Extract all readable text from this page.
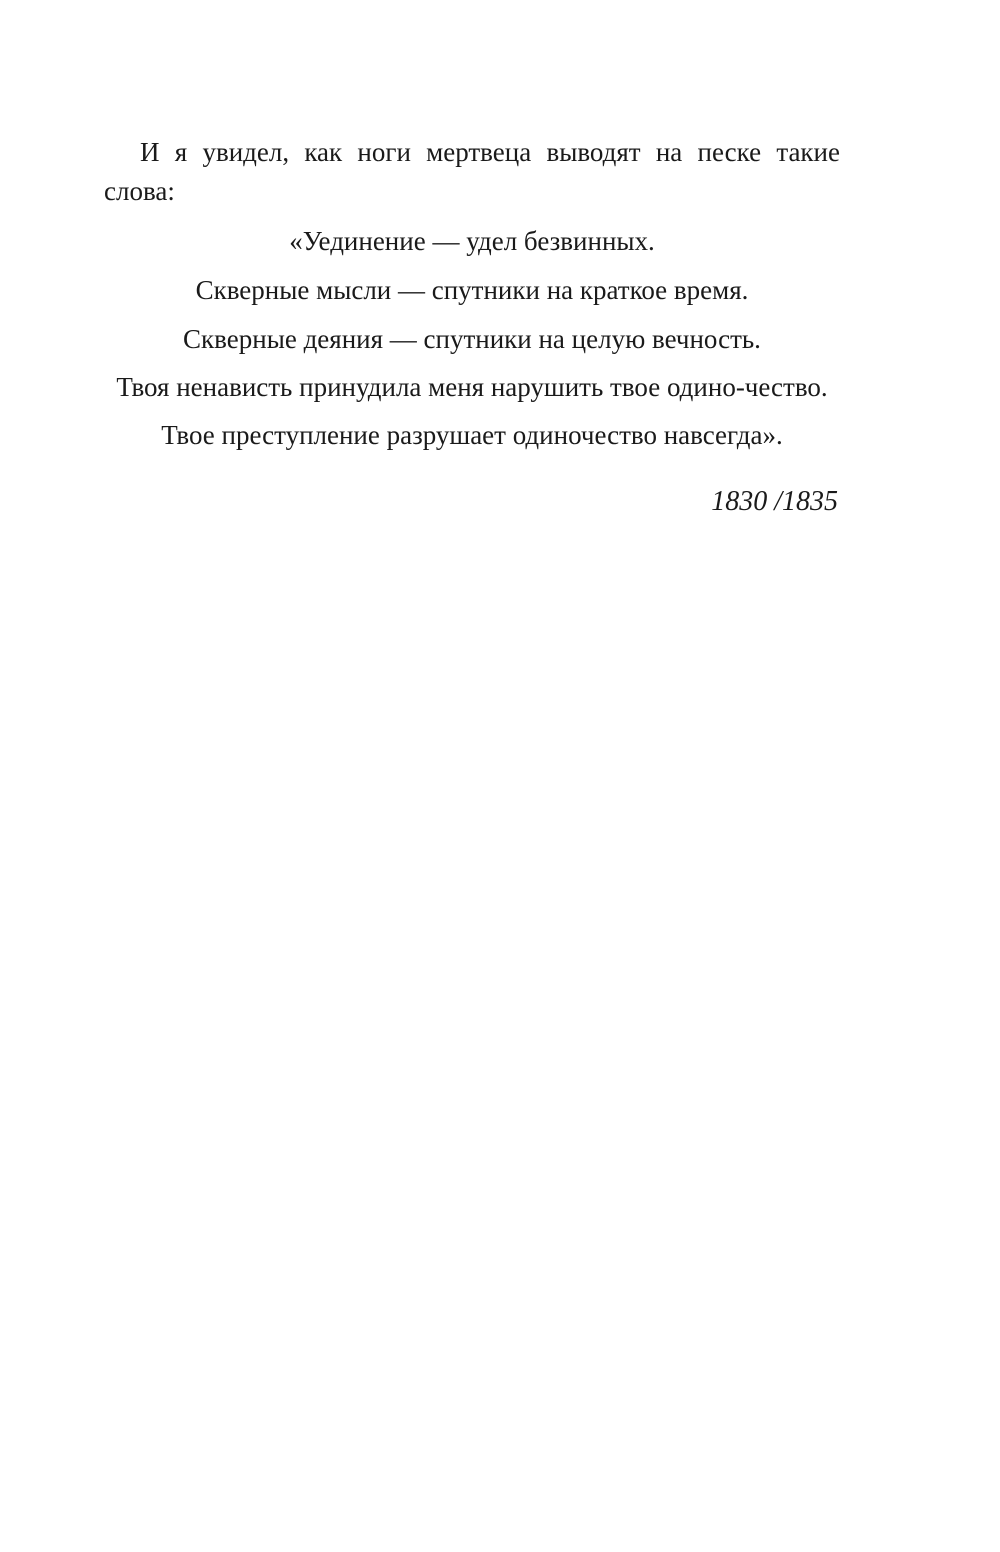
И я увидел, как ноги мертвеца выводят на песке такие слова:

«Уединение — удел безвинных.

Скверные мысли — спутники на краткое время.

Скверные деяния — спутники на целую вечность.

Твоя ненависть принудила меня нарушить твое одино-чество.

Твое преступление разрушает одиночество навсегда».

1830 /1835
